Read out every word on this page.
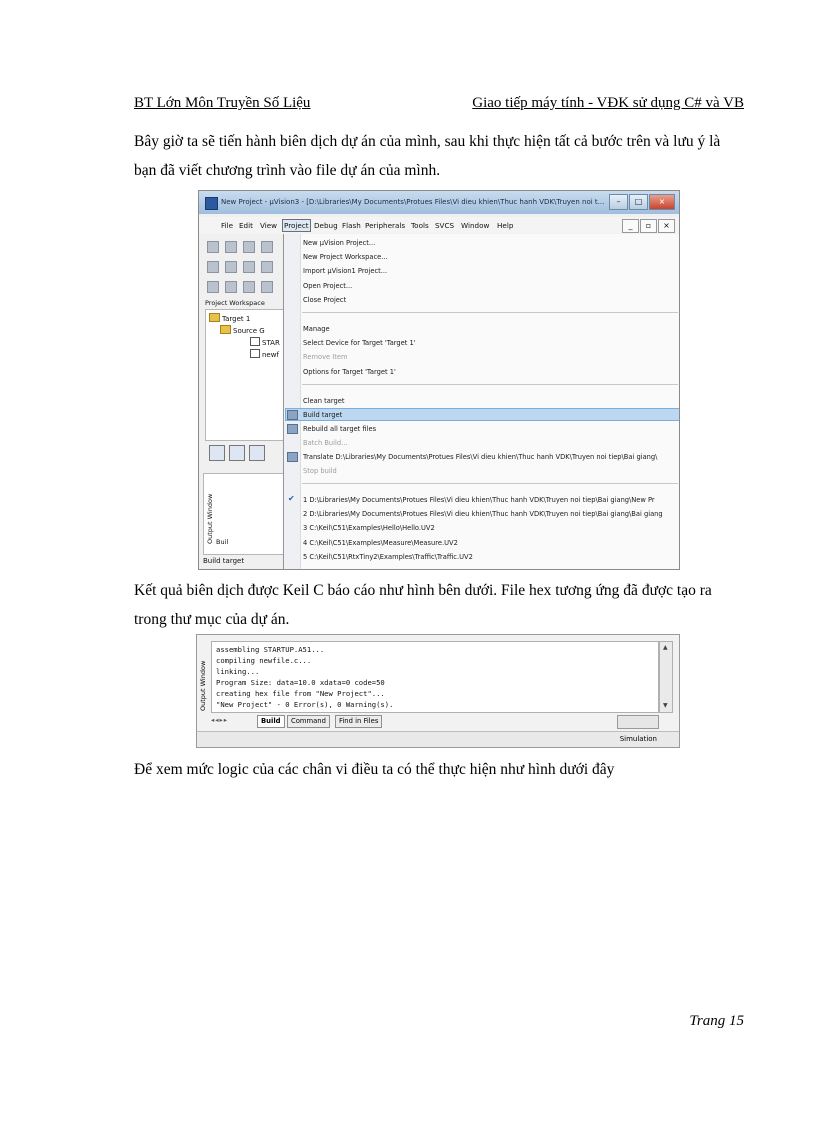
BT Lớn Môn Truyền Số Liệu	Giao tiếp máy tính - VĐK sử dụng C# và VB
Bây giờ ta sẽ tiến hành biên dịch dự án của mình, sau khi thực hiện tất cả bước trên và lưu ý là bạn đã viết chương trình vào file dự án của mình.
New Project - µVision3 - [D:\Libraries\My Documents\Protues Files\Vi dieu khien\Thuc hanh VDK\Truyen noi t...	–	□	×
File Edit View Project Debug Flash Peripherals Tools SVCS Window Help	_	▫	×
Project Workspace
Target 1
Source G
STAR
newf
Output Window Buil
Build target
New µVision Project...
New Project Workspace...
Import µVision1 Project...
Open Project...
Close Project
Manage
Select Device for Target 'Target 1'
Remove Item
Options for Target 'Target 1'
Clean target
Build target
Rebuild all target files
Batch Build...
Translate D:\Libraries\My Documents\Protues Files\Vi dieu khien\Thuc hanh VDK\Truyen noi tiep\Bai giang\
Stop build
✔ 1 D:\Libraries\My Documents\Protues Files\Vi dieu khien\Thuc hanh VDK\Truyen noi tiep\Bai giang\New Pr
2 D:\Libraries\My Documents\Protues Files\Vi dieu khien\Thuc hanh VDK\Truyen noi tiep\Bai giang\Bai giang
3 C:\Keil\C51\Examples\Hello\Hello.UV2
4 C:\Keil\C51\Examples\Measure\Measure.UV2
5 C:\Keil\C51\RtxTiny2\Examples\Traffic\Traffic.UV2
Kết quả biên dịch được Keil C báo cáo như hình bên dưới. File hex tương ứng đã được tạo ra trong thư mục của dự án.
assembling STARTUP.A51...
compiling newfile.c...
linking...
Program Size: data=10.0 xdata=0 code=50
creating hex file from "New Project"...
"New Project" - 0 Error(s), 0 Warning(s).
▲
▼
Output Window
◂◂▸▸	Build	Command	Find in Files
Simulation
Để xem mức logic của các chân vi điều ta có thể thực hiện như hình dưới đây
Trang 15
